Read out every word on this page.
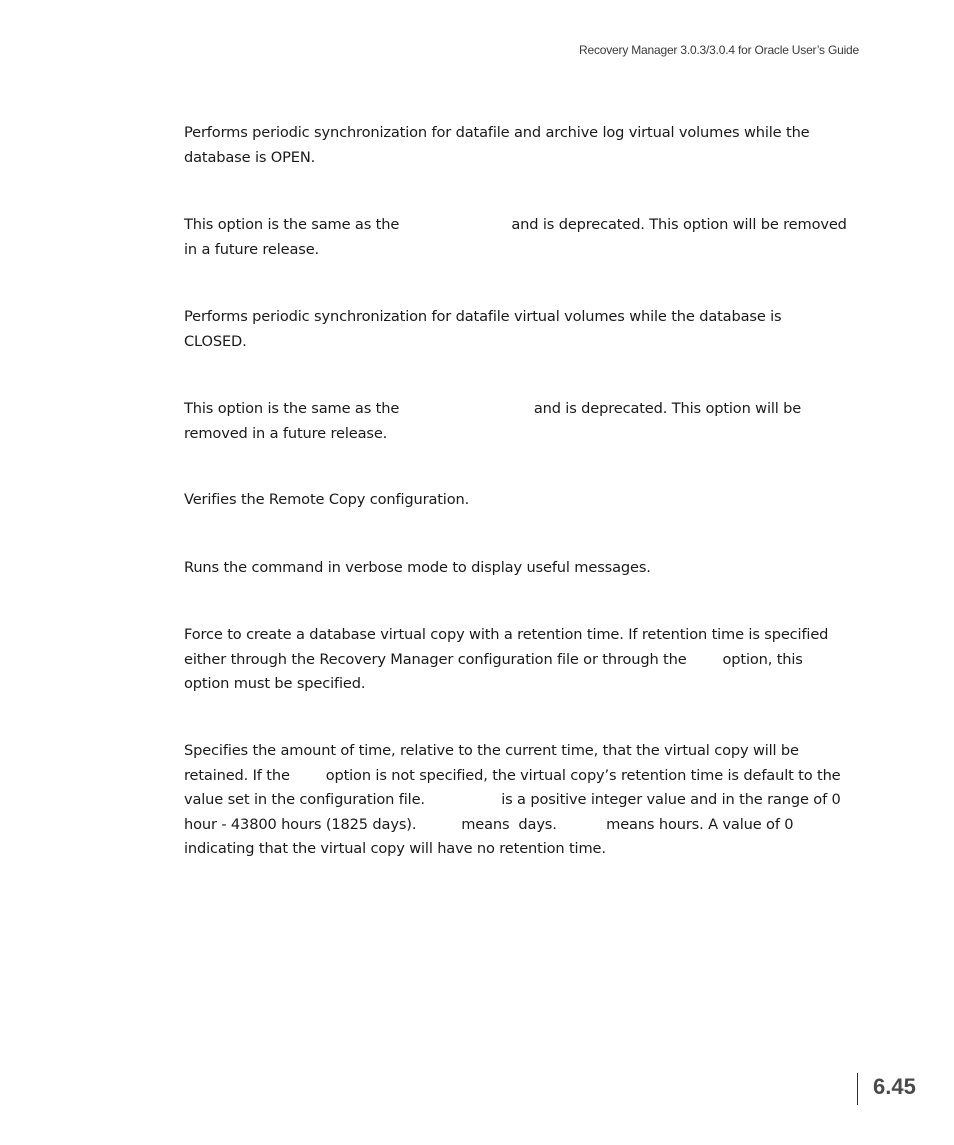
Recovery Manager 3.0.3/3.0.4 for Oracle User’s Guide
Performs periodic synchronization for datafile and archive log virtual volumes while the
database is OPEN.
This option is the same as the                         and is deprecated. This option will be removed
in a future release.
Performs periodic synchronization for datafile virtual volumes while the database is
CLOSED.
This option is the same as the                              and is deprecated. This option will be
removed in a future release.
Verifies the Remote Copy configuration.
Runs the command in verbose mode to display useful messages.
Force to create a database virtual copy with a retention time. If retention time is specified
either through the Recovery Manager configuration file or through the        option, this
option must be specified.
Specifies the amount of time, relative to the current time, that the virtual copy will be
retained. If the        option is not specified, the virtual copy’s retention time is default to the
value set in the configuration file.                 is a positive integer value and in the range of 0
hour - 43800 hours (1825 days).          means  days.           means hours. A value of 0
indicating that the virtual copy will have no retention time.
6.45
